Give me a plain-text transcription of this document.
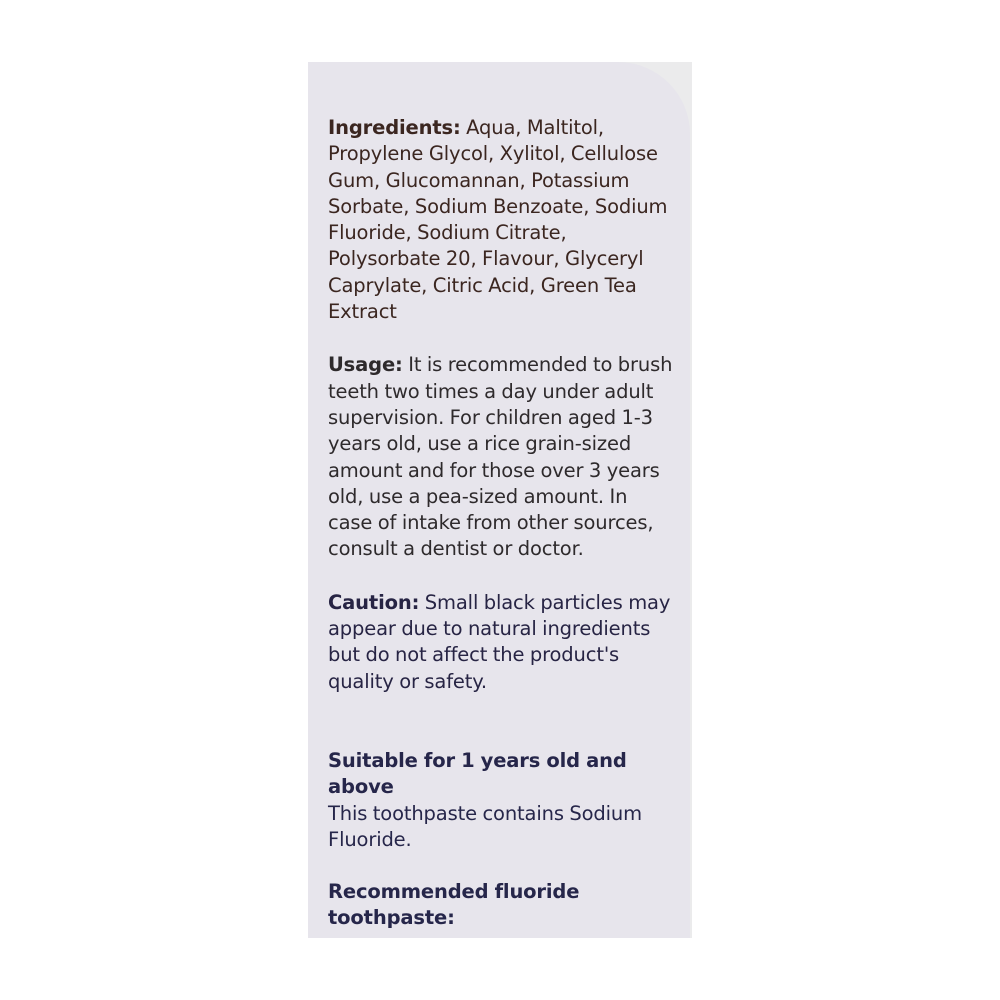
Ingredients: Aqua, Maltitol, Propylene Glycol, Xylitol, Cellulose Gum, Glucomannan, Potassium Sorbate, Sodium Benzoate, Sodium Fluoride, Sodium Citrate, Polysorbate 20, Flavour, Glyceryl Caprylate, Citric Acid, Green Tea Extract

Usage: It is recommended to brush teeth two times a day under adult supervision. For children aged 1-3 years old, use a rice grain-sized amount and for those over 3 years old, use a pea-sized amount. In case of intake from other sources, consult a dentist or doctor.

Caution: Small black particles may appear due to natural ingredients but do not affect the product's quality or safety.

Suitable for 1 years old and above
This toothpaste contains Sodium Fluoride.

Recommended fluoride toothpaste:
